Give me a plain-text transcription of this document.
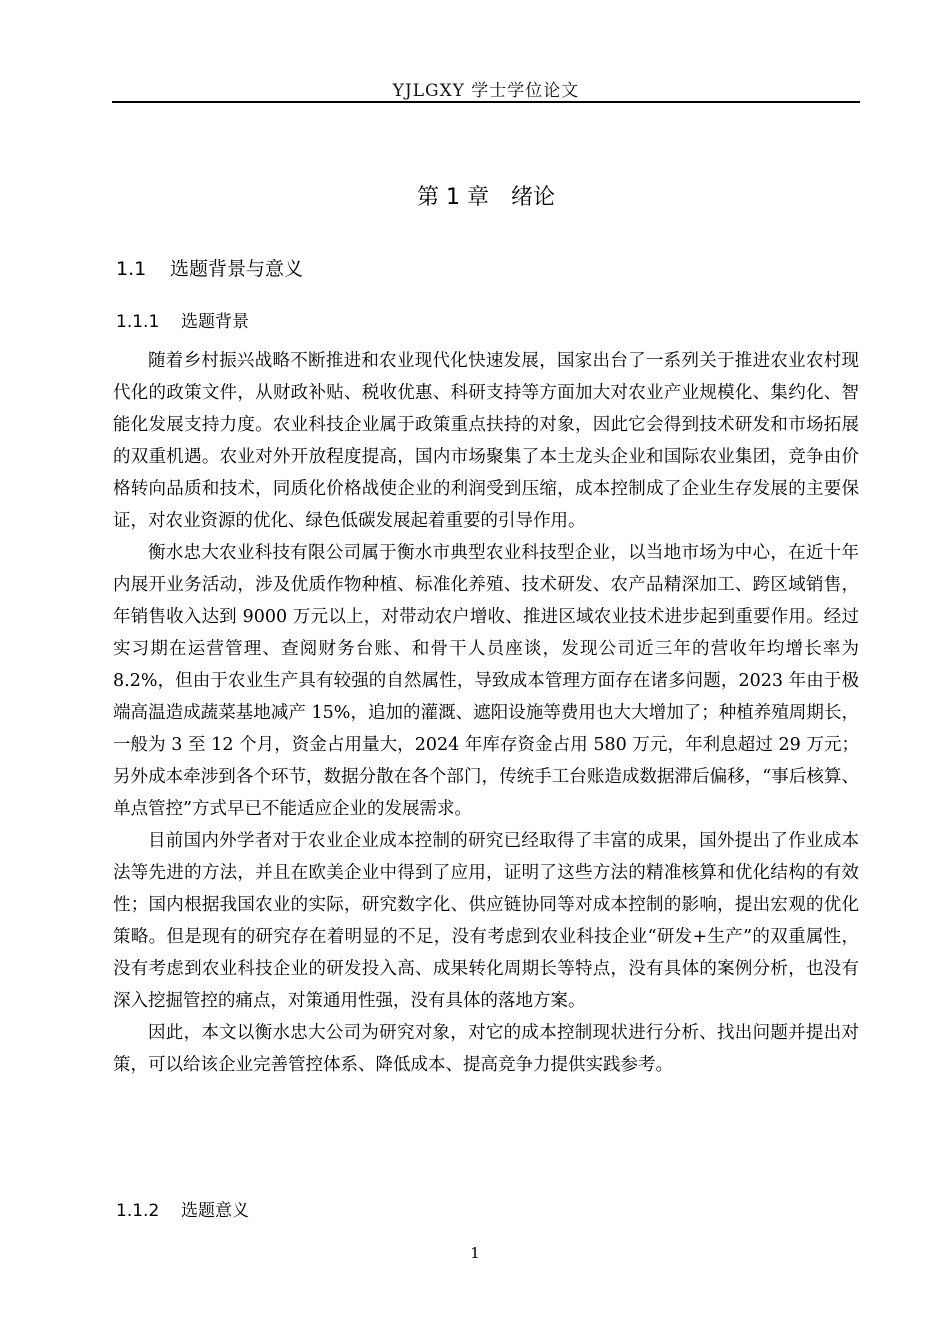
YJLGXY 学士学位论文
第 1 章 绪论
1.1 选题背景与意义
1.1.1 选题背景

随着乡村振兴战略不断推进和农业现代化快速发展，国家出台了一系列关于推进农业农村现代化的政策文件，从财政补贴、税收优惠、科研支持等方面加大对农业产业规模化、集约化、智能化发展支持力度。农业科技企业属于政策重点扶持的对象，因此它会得到技术研发和市场拓展的双重机遇。农业对外开放程度提高，国内市场聚集了本土龙头企业和国际农业集团，竞争由价格转向品质和技术，同质化价格战使企业的利润受到压缩，成本控制成了企业生存发展的主要保证，对农业资源的优化、绿色低碳发展起着重要的引导作用。

衡水忠大农业科技有限公司属于衡水市典型农业科技型企业，以当地市场为中心，在近十年内展开业务活动，涉及优质作物种植、标准化养殖、技术研发、农产品精深加工、跨区域销售，年销售收入达到 9000 万元以上，对带动农户增收、推进区域农业技术进步起到重要作用。经过实习期在运营管理、查阅财务台账、和骨干人员座谈，发现公司近三年的营收年均增长率为 8.2%，但由于农业生产具有较强的自然属性，导致成本管理方面存在诸多问题，2023 年由于极端高温造成蔬菜基地减产 15%，追加的灌溉、遮阳设施等费用也大大增加了；种植养殖周期长，一般为 3 至 12 个月，资金占用量大，2024 年库存资金占用 580 万元，年利息超过 29 万元；另外成本牵涉到各个环节，数据分散在各个部门，传统手工台账造成数据滞后偏移，“事后核算、单点管控”方式早已不能适应企业的发展需求。

目前国内外学者对于农业企业成本控制的研究已经取得了丰富的成果，国外提出了作业成本法等先进的方法，并且在欧美企业中得到了应用，证明了这些方法的精准核算和优化结构的有效性；国内根据我国农业的实际，研究数字化、供应链协同等对成本控制的影响，提出宏观的优化策略。但是现有的研究存在着明显的不足，没有考虑到农业科技企业“研发+生产”的双重属性，没有考虑到农业科技企业的研发投入高、成果转化周期长等特点，没有具体的案例分析，也没有深入挖掘管控的痛点，对策通用性强，没有具体的落地方案。

因此，本文以衡水忠大公司为研究对象，对它的成本控制现状进行分析、找出问题并提出对策，可以给该企业完善管控体系、降低成本、提高竞争力提供实践参考。

1.1.2 选题意义
1
